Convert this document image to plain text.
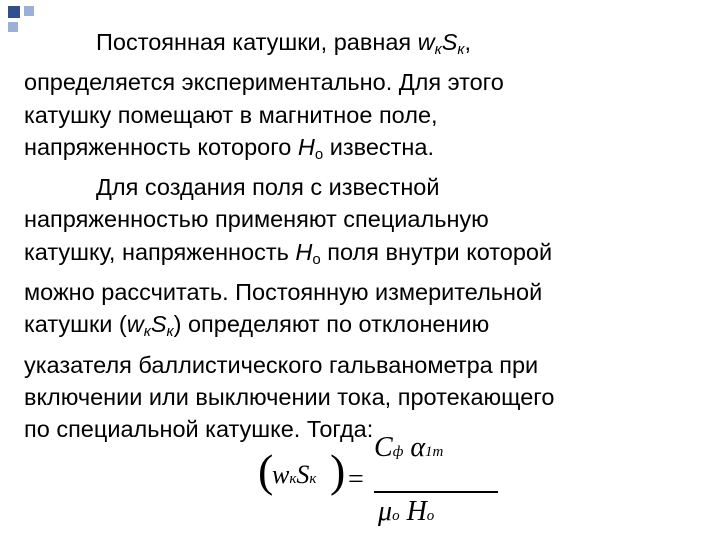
Постоянная катушки, равная $w_кS_к$,

определяется экспериментально. Для этого

катушку помещают в магнитное поле,

напряженность которого $H_o$ известна.

Для создания поля с известной

напряженностью применяют специальную

катушку, напряженность $H_o$ поля внутри которой

можно рассчитать. Постоянную измерительной

катушки $(w_кS_к)$ определяют по отклонению

указателя баллистического гальванометра при

включении или выключении тока, протекающего

по специальной катушке. Тогда:

(
wкSк ) =
Cф α1m
μo Ho
